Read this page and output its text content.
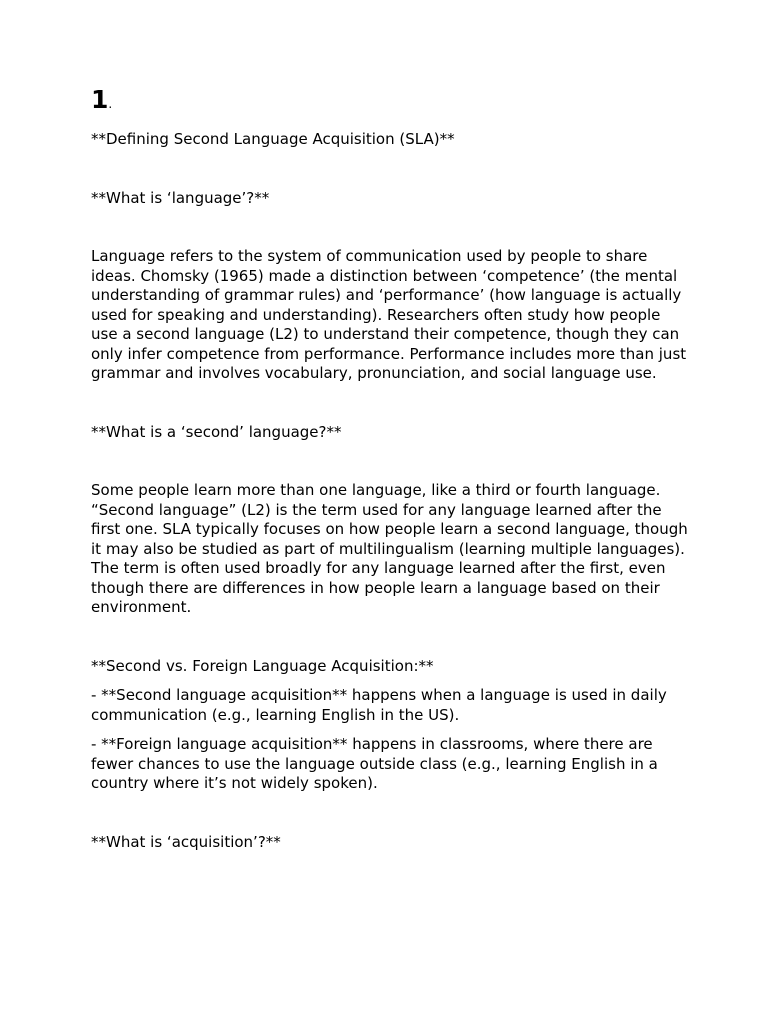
1.

**Defining Second Language Acquisition (SLA)**

**What is ‘language’?**

Language refers to the system of communication used by people to share ideas. Chomsky (1965) made a distinction between ‘competence’ (the mental understanding of grammar rules) and ‘performance’ (how language is actually used for speaking and understanding). Researchers often study how people use a second language (L2) to understand their competence, though they can only infer competence from performance. Performance includes more than just grammar and involves vocabulary, pronunciation, and social language use.

**What is a ‘second’ language?**

Some people learn more than one language, like a third or fourth language. “Second language” (L2) is the term used for any language learned after the first one. SLA typically focuses on how people learn a second language, though it may also be studied as part of multilingualism (learning multiple languages). The term is often used broadly for any language learned after the first, even though there are differences in how people learn a language based on their environment.

**Second vs. Foreign Language Acquisition:**

- **Second language acquisition** happens when a language is used in daily communication (e.g., learning English in the US).

- **Foreign language acquisition** happens in classrooms, where there are fewer chances to use the language outside class (e.g., learning English in a country where it’s not widely spoken).

**What is ‘acquisition’?**
